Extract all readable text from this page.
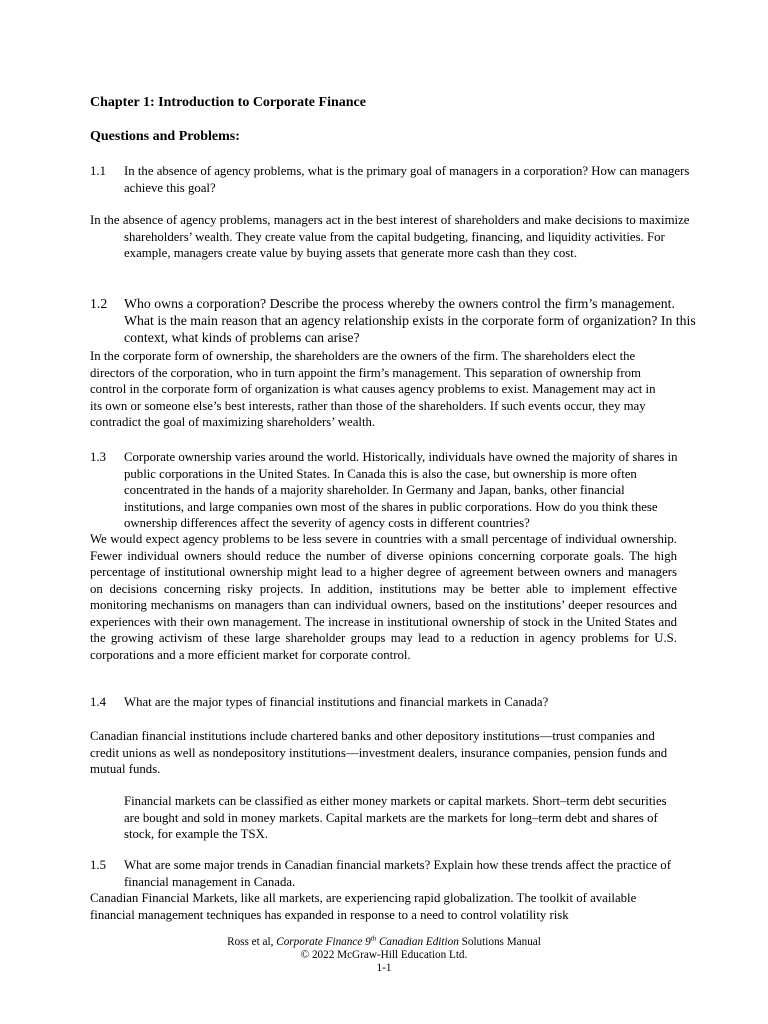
Chapter 1: Introduction to Corporate Finance
Questions and Problems:

1.1 In the absence of agency problems, what is the primary goal of managers in a corporation? How can managers achieve this goal?

In the absence of agency problems, managers act in the best interest of shareholders and make decisions to maximize shareholders’ wealth. They create value from the capital budgeting, financing, and liquidity activities. For example, managers create value by buying assets that generate more cash than they cost.

1.2 Who owns a corporation? Describe the process whereby the owners control the firm’s management. What is the main reason that an agency relationship exists in the corporate form of organization? In this context, what kinds of problems can arise?

In the corporate form of ownership, the shareholders are the owners of the firm. The shareholders elect the directors of the corporation, who in turn appoint the firm’s management. This separation of ownership from control in the corporate form of organization is what causes agency problems to exist. Management may act in its own or someone else’s best interests, rather than those of the shareholders. If such events occur, they may contradict the goal of maximizing shareholders’ wealth.

1.3 Corporate ownership varies around the world. Historically, individuals have owned the majority of shares in public corporations in the United States. In Canada this is also the case, but ownership is more often concentrated in the hands of a majority shareholder. In Germany and Japan, banks, other financial institutions, and large companies own most of the shares in public corporations. How do you think these ownership differences affect the severity of agency costs in different countries?

We would expect agency problems to be less severe in countries with a small percentage of individual ownership. Fewer individual owners should reduce the number of diverse opinions concerning corporate goals. The high percentage of institutional ownership might lead to a higher degree of agreement between owners and managers on decisions concerning risky projects. In addition, institutions may be better able to implement effective monitoring mechanisms on managers than can individual owners, based on the institutions’ deeper resources and experiences with their own management. The increase in institutional ownership of stock in the United States and the growing activism of these large shareholder groups may lead to a reduction in agency problems for U.S. corporations and a more efficient market for corporate control.

1.4 What are the major types of financial institutions and financial markets in Canada?

Canadian financial institutions include chartered banks and other depository institutions—trust companies and credit unions as well as nondepository institutions—investment dealers, insurance companies, pension funds and mutual funds.

Financial markets can be classified as either money markets or capital markets. Short–term debt securities are bought and sold in money markets. Capital markets are the markets for long–term debt and shares of stock, for example the TSX.

1.5 What are some major trends in Canadian financial markets? Explain how these trends affect the practice of financial management in Canada.

Canadian Financial Markets, like all markets, are experiencing rapid globalization. The toolkit of available financial management techniques has expanded in response to a need to control volatility risk

Ross et al, Corporate Finance 9th Canadian Edition Solutions Manual
© 2022 McGraw-Hill Education Ltd.
1-1
